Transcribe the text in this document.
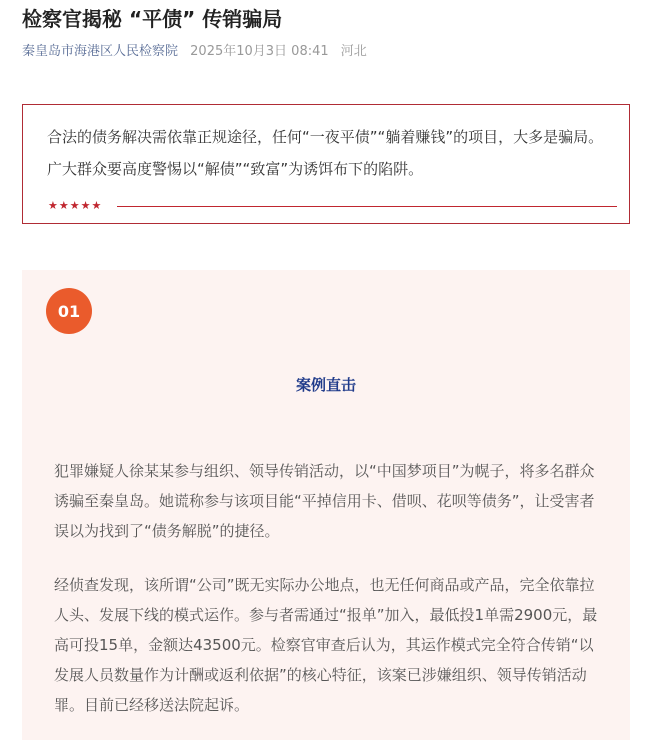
检察官揭秘 “平债” 传销骗局
秦皇岛市海港区人民检察院 2025年10月3日 08:41 河北
合法的债务解决需依靠正规途径，任何“一夜平债”“躺着赚钱”的项目，大多是骗局。广大群众要高度警惕以“解债”“致富”为诱饵布下的陷阱。
★★★★★
01
案例直击

犯罪嫌疑人徐某某参与组织、领导传销活动，以“中国梦项目”为幌子，将多名群众诱骗至秦皇岛。她谎称参与该项目能“平掉信用卡、借呗、花呗等债务”，让受害者误以为找到了“债务解脱”的捷径。

经侦查发现，该所谓“公司”既无实际办公地点，也无任何商品或产品，完全依靠拉人头、发展下线的模式运作。参与者需通过“报单”加入，最低投1单需2900元，最高可投15单，金额达43500元。检察官审查后认为，其运作模式完全符合传销“以发展人员数量作为计酬或返利依据”的核心特征，该案已涉嫌组织、领导传销活动罪。目前已经移送法院起诉。
